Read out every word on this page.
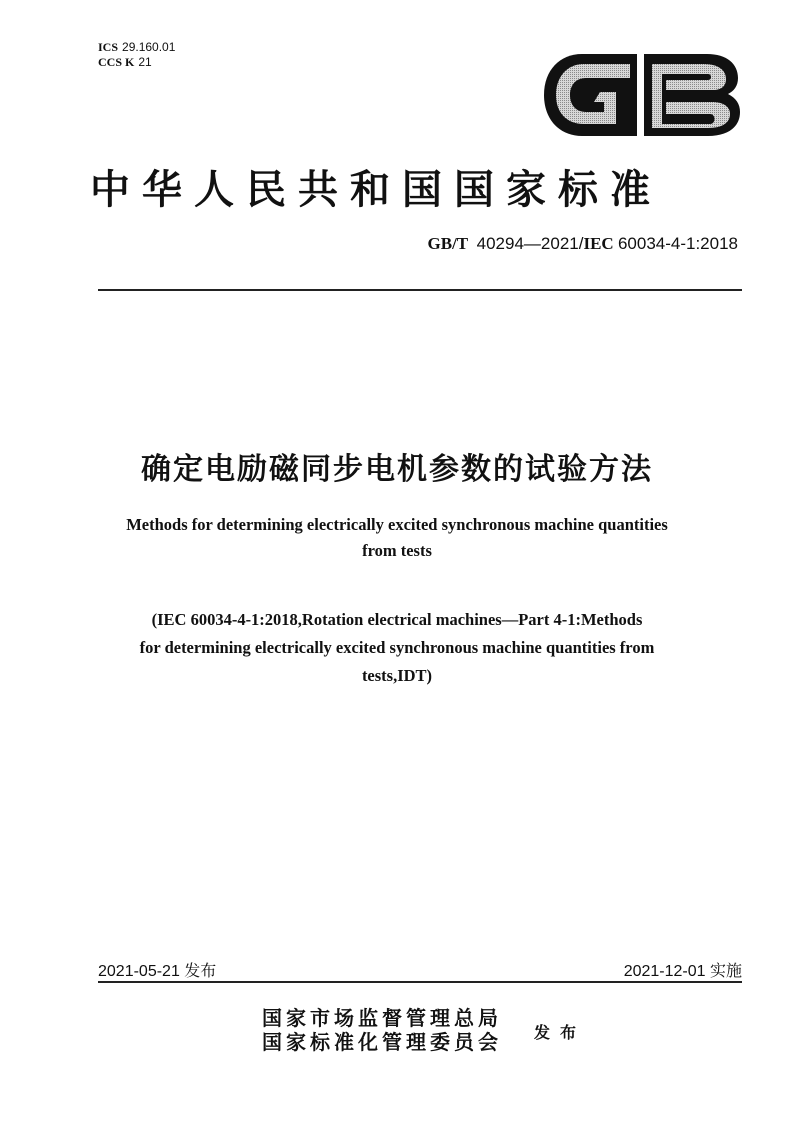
ICS 29.160.01
CCS K 21
中华人民共和国国家标准
GB/T 40294—2021/IEC 60034-4-1:2018
确定电励磁同步电机参数的试验方法
Methods for determining electrically excited synchronous machine quantities
from tests
(IEC 60034-4-1:2018,Rotation electrical machines—Part 4-1:Methods
for determining electrically excited synchronous machine quantities from
tests,IDT)
2021-05-21 发布	2021-12-01 实施
国家市场监督管理总局
国家标准化管理委员会 发布
